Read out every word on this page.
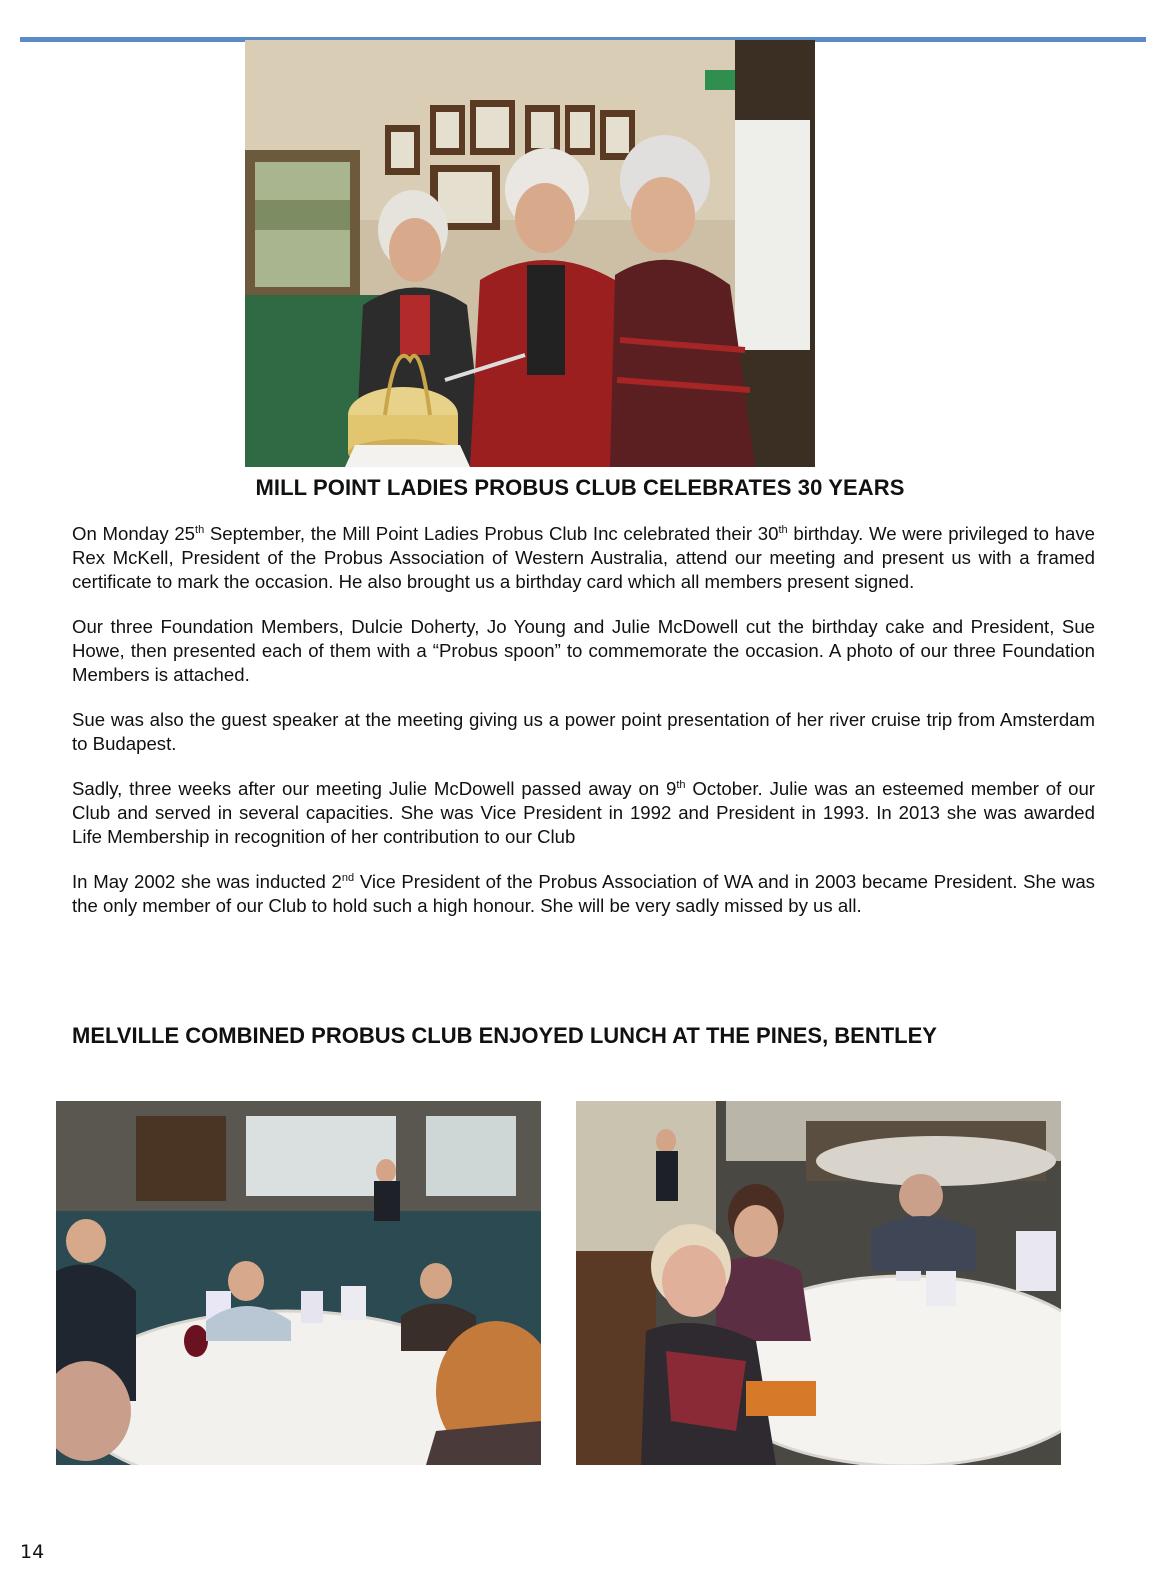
MILL POINT LADIES PROBUS CLUB CELEBRATES 30 YEARS

On Monday 25th September, the Mill Point Ladies Probus Club Inc celebrated their 30th birthday. We were privileged to have Rex McKell, President of the Probus Association of Western Australia, attend our meeting and present us with a framed certificate to mark the occasion. He also brought us a birthday card which all members present signed.

Our three Foundation Members, Dulcie Doherty, Jo Young and Julie McDowell cut the birthday cake and President, Sue Howe, then presented each of them with a “Probus spoon” to commemorate the occasion. A photo of our three Foundation Members is attached.

Sue was also the guest speaker at the meeting giving us a power point presentation of her river cruise trip from Amsterdam to Budapest.

Sadly, three weeks after our meeting Julie McDowell passed away on 9th October. Julie was an esteemed member of our Club and served in several capacities. She was Vice President in 1992 and President in 1993. In 2013 she was awarded Life Membership in recognition of her contribution to our Club

In May 2002 she was inducted 2nd Vice President of the Probus Association of WA and in 2003 became President. She was the only member of our Club to hold such a high honour. She will be very sadly missed by us all.

MELVILLE COMBINED PROBUS CLUB ENJOYED LUNCH AT THE PINES, BENTLEY
14
